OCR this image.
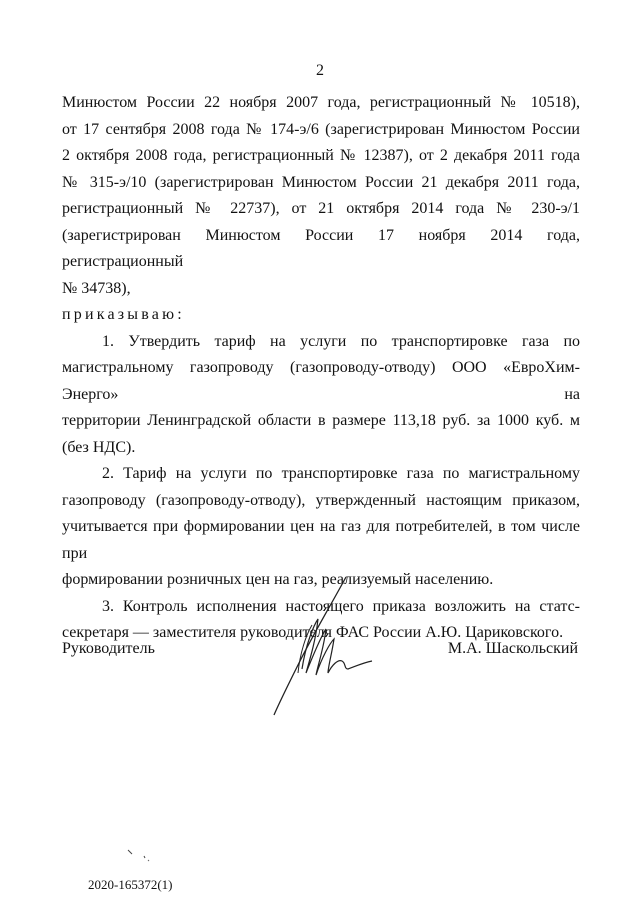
2
Минюстом России 22 ноября 2007 года, регистрационный № 10518),
от 17 сентября 2008 года № 174-э/6 (зарегистрирован Минюстом России
2 октября 2008 года, регистрационный № 12387), от 2 декабря 2011 года
№ 315-э/10 (зарегистрирован Минюстом России 21 декабря 2011 года,
регистрационный № 22737), от 21 октября 2014 года № 230-э/1
(зарегистрирован Минюстом России 17 ноября 2014 года, регистрационный
№ 34738),
приказываю:
1. Утвердить тариф на услуги по транспортировке газа по
магистральному газопроводу (газопроводу-отводу) ООО «ЕвроХим-Энерго» на
территории Ленинградской области в размере 113,18 руб. за 1000 куб. м
(без НДС).
2. Тариф на услуги по транспортировке газа по магистральному
газопроводу (газопроводу-отводу), утвержденный настоящим приказом,
учитывается при формировании цен на газ для потребителей, в том числе при
формировании розничных цен на газ, реализуемый населению.
3. Контроль исполнения настоящего приказа возложить на статс-
секретаря — заместителя руководителя ФАС России А.Ю. Цариковского.
Руководитель	М.А. Шаскольский
2020-165372(1)
